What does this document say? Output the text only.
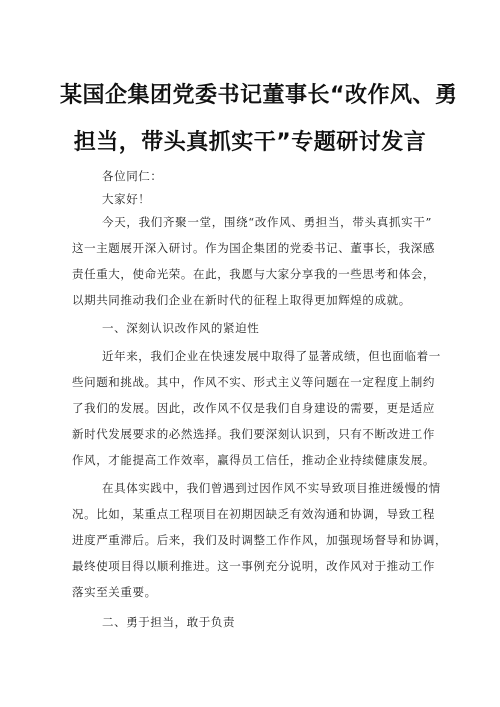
某国企集团党委书记董事长“改作风、勇
担当，带头真抓实干”专题研讨发言
各位同仁：
大家好！
今天，我们齐聚一堂，围绕“改作风、勇担当，带头真抓实干”
这一主题展开深入研讨。作为国企集团的党委书记、董事长，我深感
责任重大，使命光荣。在此，我愿与大家分享我的一些思考和体会，
以期共同推动我们企业在新时代的征程上取得更加辉煌的成就。
一、深刻认识改作风的紧迫性
近年来，我们企业在快速发展中取得了显著成绩，但也面临着一
些问题和挑战。其中，作风不实、形式主义等问题在一定程度上制约
了我们的发展。因此，改作风不仅是我们自身建设的需要，更是适应
新时代发展要求的必然选择。我们要深刻认识到，只有不断改进工作
作风，才能提高工作效率，赢得员工信任，推动企业持续健康发展。
在具体实践中，我们曾遇到过因作风不实导致项目推进缓慢的情
况。比如，某重点工程项目在初期因缺乏有效沟通和协调，导致工程
进度严重滞后。后来，我们及时调整工作作风，加强现场督导和协调，
最终使项目得以顺利推进。这一事例充分说明，改作风对于推动工作
落实至关重要。
二、勇于担当，敢于负责
